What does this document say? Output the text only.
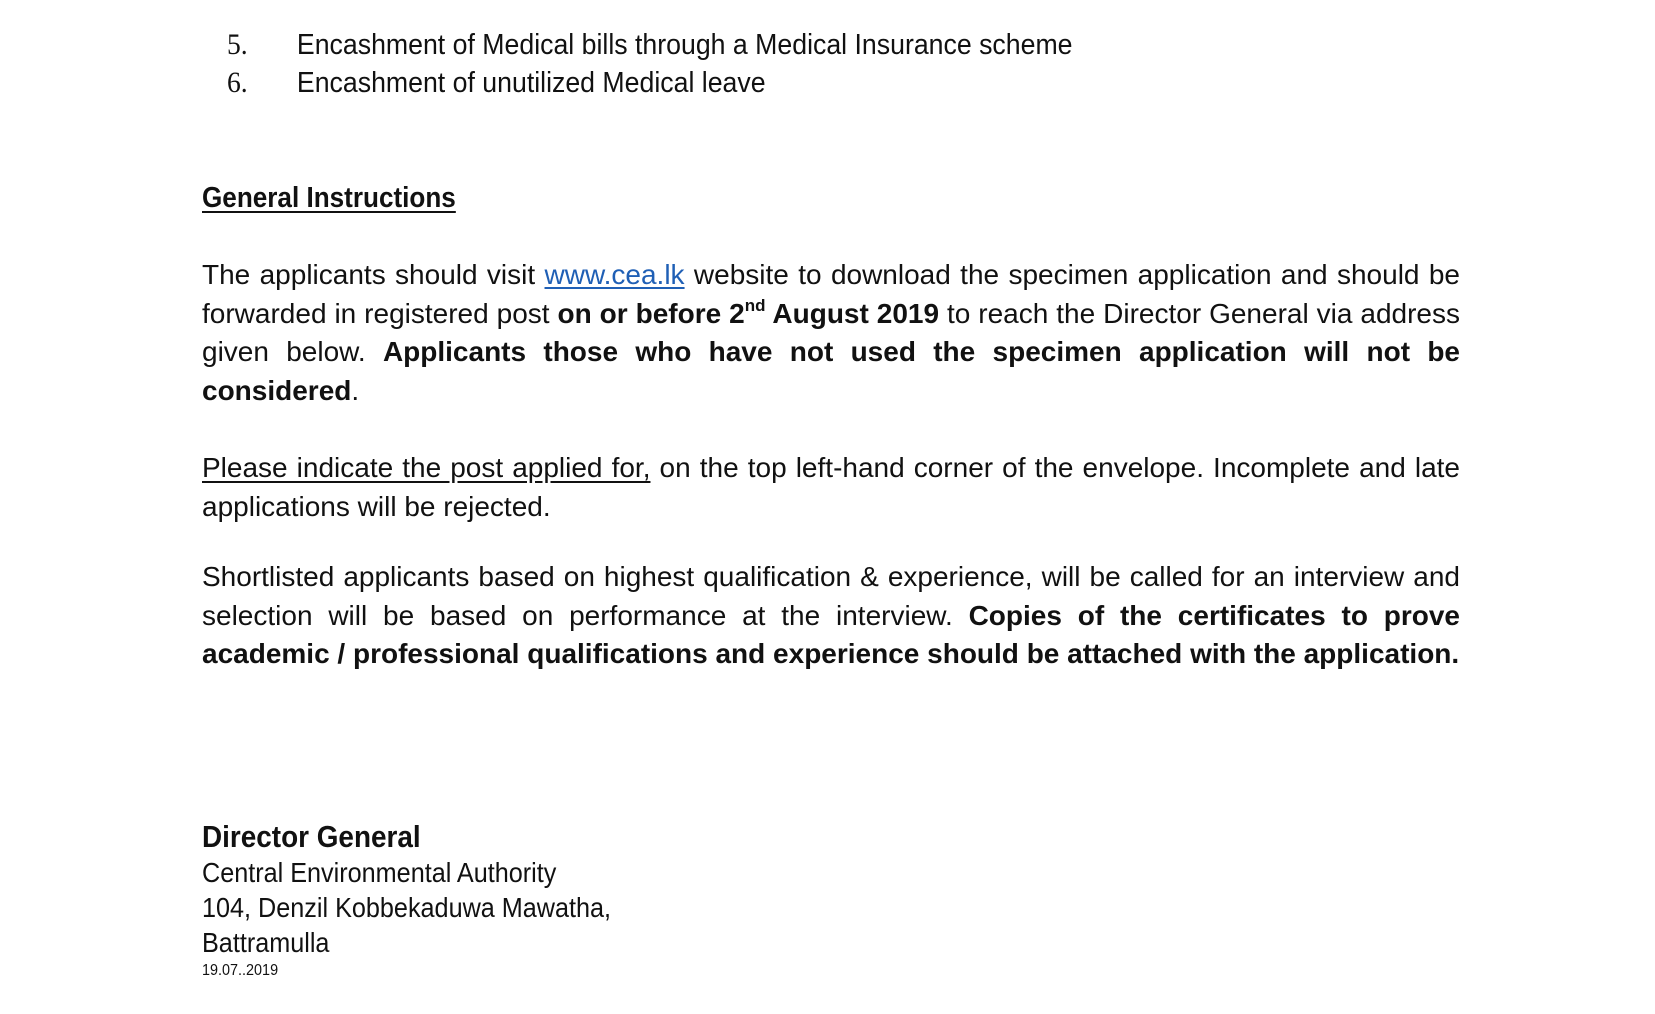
5.	Encashment of Medical bills through a Medical Insurance scheme
6.	Encashment of unutilized Medical leave
General Instructions

The applicants should visit www.cea.lk website to download the specimen application and should be forwarded in registered post on or before 2nd August 2019 to reach the Director General via address given below. Applicants those who have not used the specimen application will not be considered.

Please indicate the post applied for, on the top left-hand corner of the envelope. Incomplete and late applications will be rejected.

Shortlisted applicants based on highest qualification & experience, will be called for an interview and selection will be based on performance at the interview. Copies of the certificates to prove academic / professional qualifications and experience should be attached with the application.

Director General
Central Environmental Authority
104, Denzil Kobbekaduwa Mawatha,
Battramulla
19.07..2019
